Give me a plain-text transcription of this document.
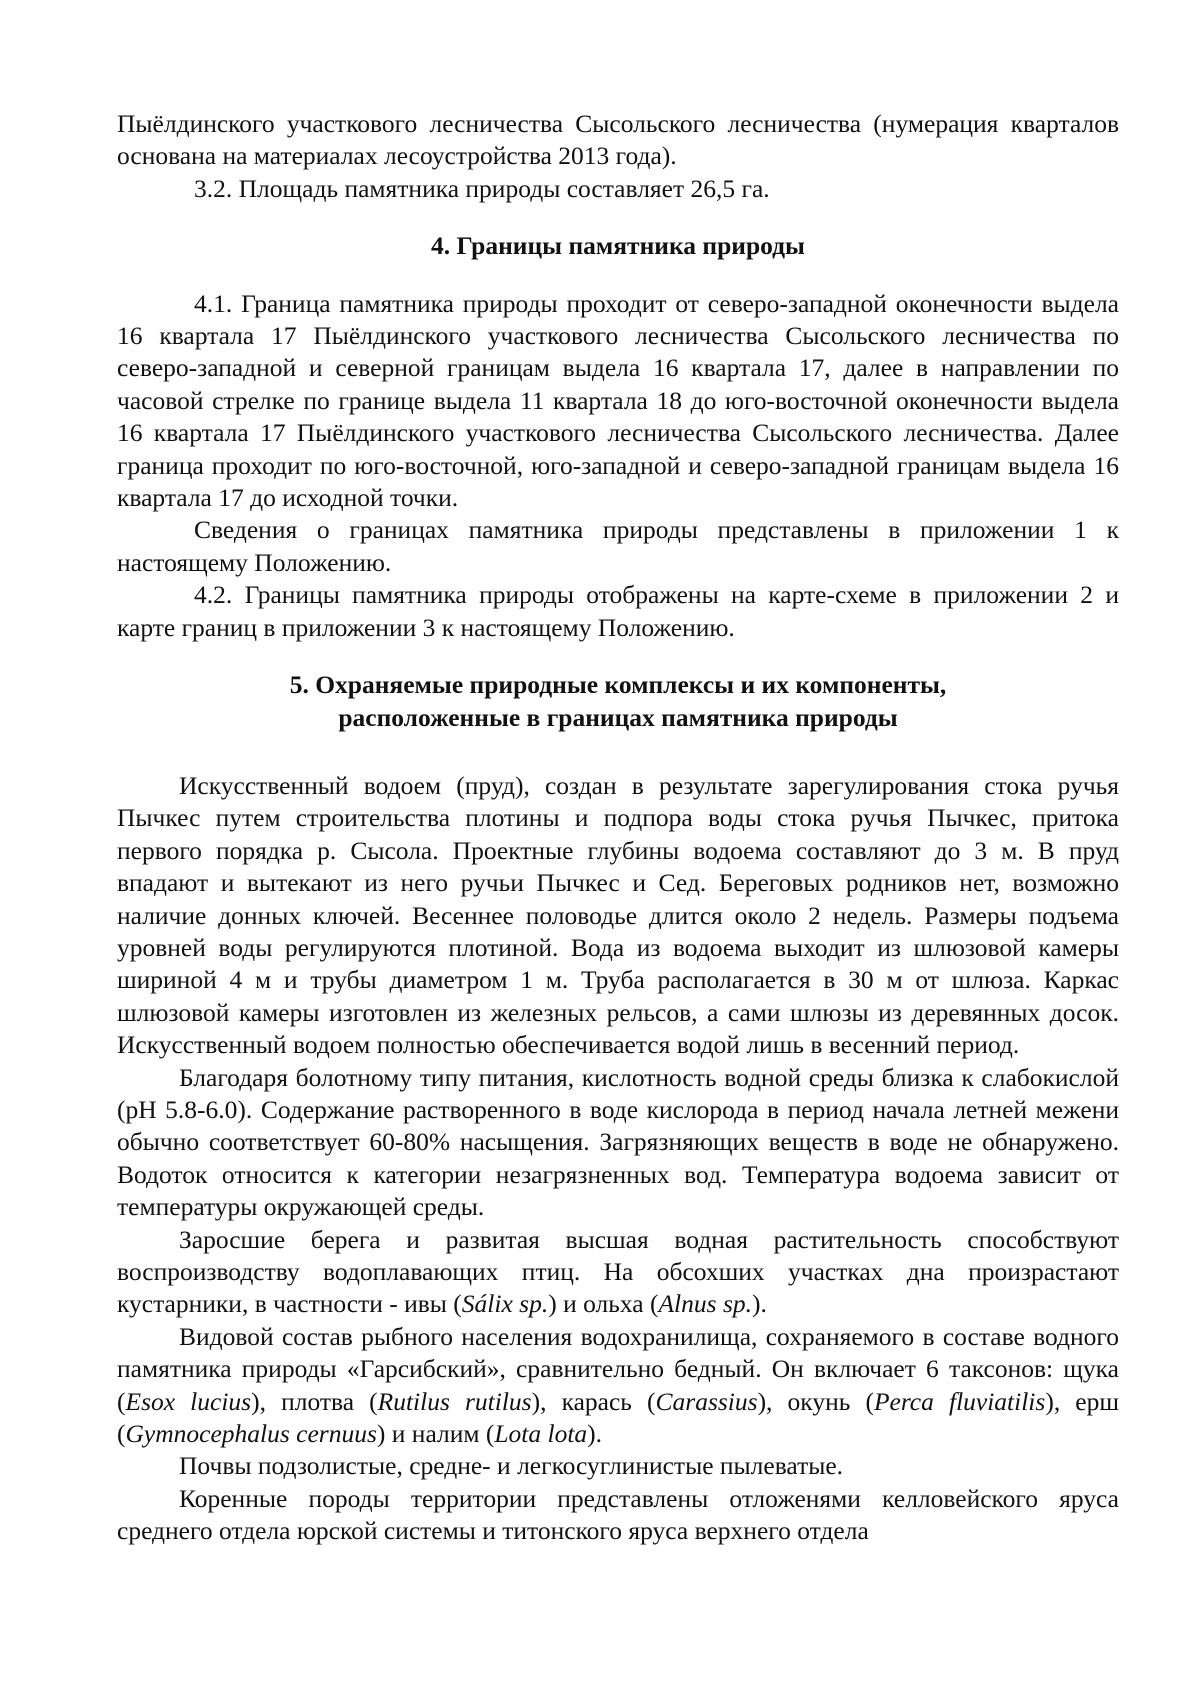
Пыёлдинского участкового лесничества Сысольского лесничества (нумерация кварталов основана на материалах лесоустройства 2013 года).

3.2. Площадь памятника природы составляет 26,5 га.

4. Границы памятника природы

4.1. Граница памятника природы проходит от северо-западной оконечности выдела 16 квартала 17 Пыёлдинского участкового лесничества Сысольского лесничества по северо-западной и северной границам выдела 16 квартала 17, далее в направлении по часовой стрелке по границе выдела 11 квартала 18 до юго-восточной оконечности выдела 16 квартала 17 Пыёлдинского участкового лесничества Сысольского лесничества. Далее граница проходит по юго-восточной, юго-западной и северо-западной границам выдела 16 квартала 17 до исходной точки.

Сведения о границах памятника природы представлены в приложении 1 к настоящему Положению.

4.2. Границы памятника природы отображены на карте-схеме в приложении 2 и карте границ в приложении 3 к настоящему Положению.

5. Охраняемые природные комплексы и их компоненты,

расположенные в границах памятника природы

Искусственный водоем (пруд), создан в результате зарегулирования стока ручья Пычкес путем строительства плотины и подпора воды стока ручья Пычкес, притока первого порядка р. Сысола. Проектные глубины водоема составляют до 3 м. В пруд впадают и вытекают из него ручьи Пычкес и Сед. Береговых родников нет, возможно наличие донных ключей. Весеннее половодье длится около 2 недель. Размеры подъема уровней воды регулируются плотиной. Вода из водоема выходит из шлюзовой камеры шириной 4 м и трубы диаметром 1 м. Труба располагается в 30 м от шлюза. Каркас шлюзовой камеры изготовлен из железных рельсов, а сами шлюзы из деревянных досок. Искусственный водоем полностью обеспечивается водой лишь в весенний период.

Благодаря болотному типу питания, кислотность водной среды близка к слабокислой (pH 5.8-6.0). Содержание растворенного в воде кислорода в период начала летней межени обычно соответствует 60-80% насыщения. Загрязняющих веществ в воде не обнаружено. Водоток относится к категории незагрязненных вод. Температура водоема зависит от температуры окружающей среды.

Заросшие берега и развитая высшая водная растительность способствуют воспроизводству водоплавающих птиц. На обсохших участках дна произрастают кустарники, в частности - ивы (Sálix sp.) и ольха (Alnus sp.).

Видовой состав рыбного населения водохранилища, сохраняемого в составе водного памятника природы «Гарсибский», сравнительно бедный. Он включает 6 таксонов: щука (Esox lucius), плотва (Rutilus rutilus), карась (Carassius), окунь (Perca fluviatilis), ерш (Gymnocephalus cernuus) и налим (Lota lota).

Почвы подзолистые, средне- и легкосуглинистые пылеватые.

Коренные породы территории представлены отложенями келловейского яруса среднего отдела юрской системы и титонского яруса верхнего отдела
